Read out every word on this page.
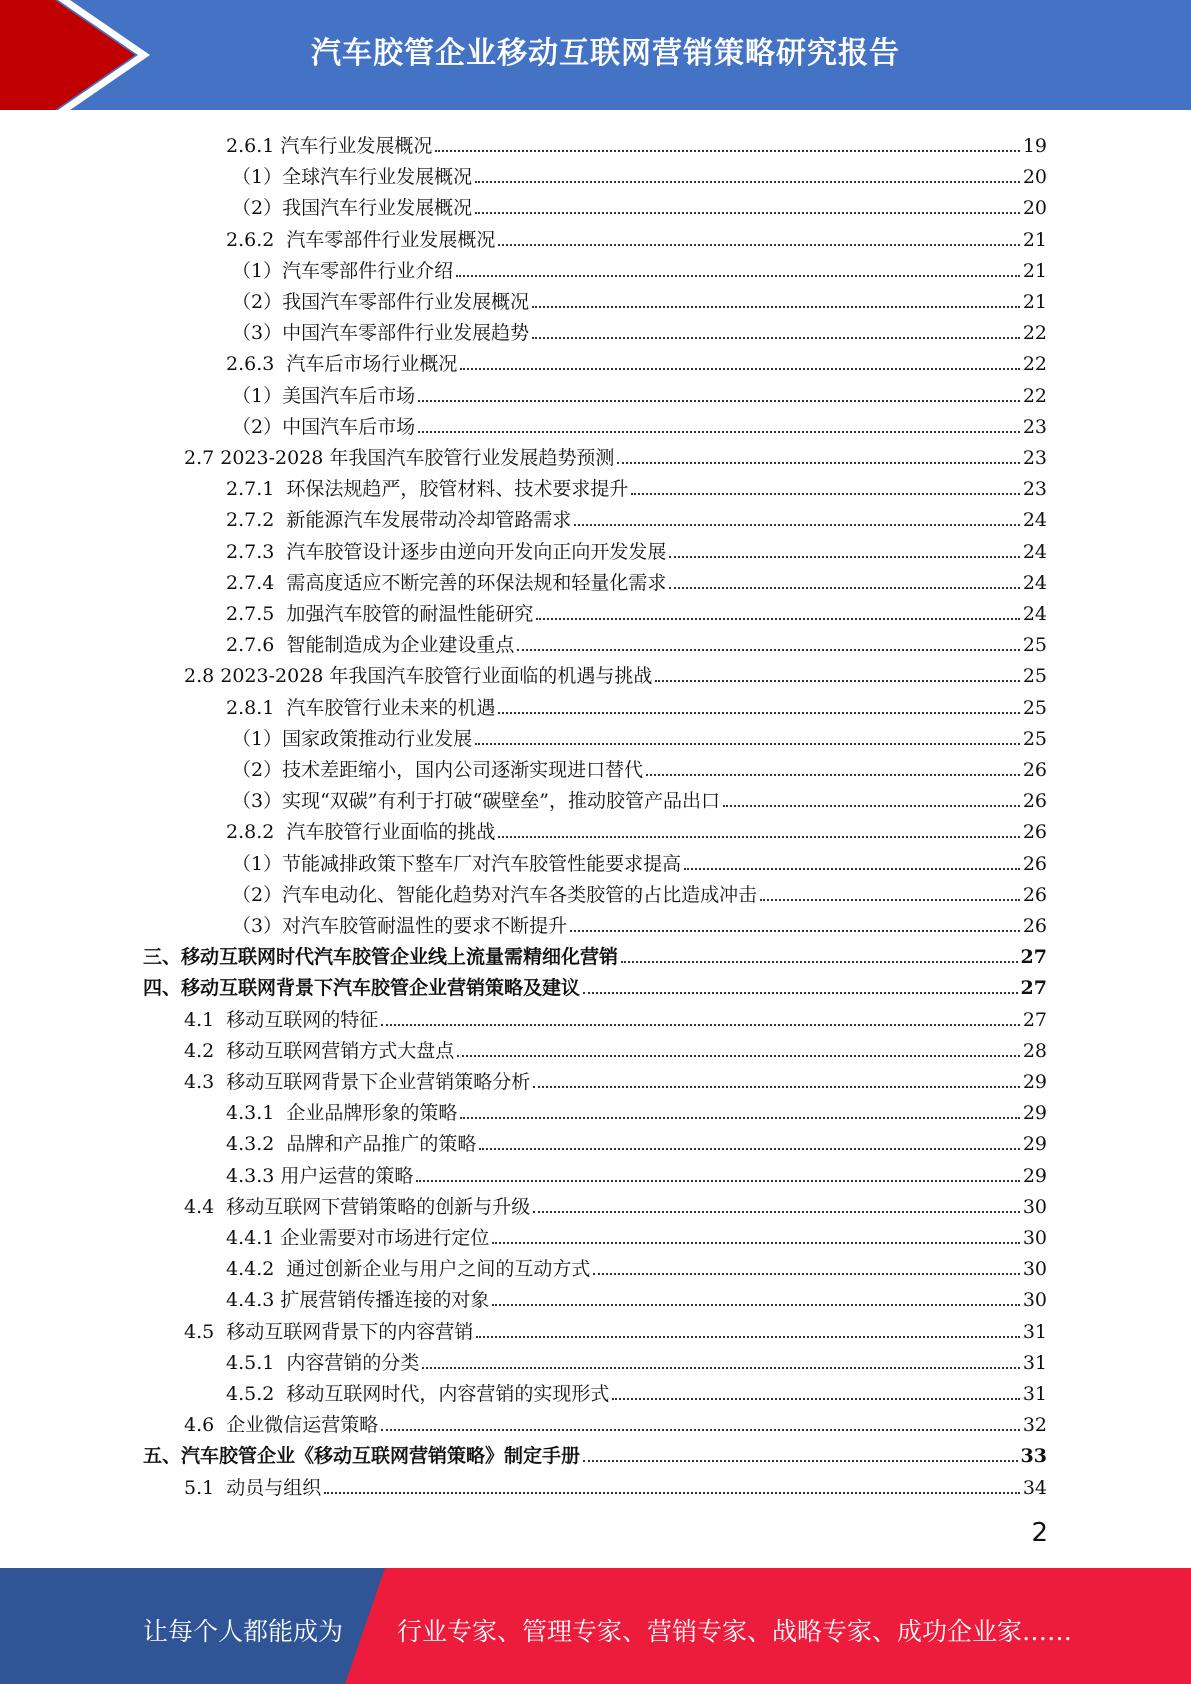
汽车胶管企业移动互联网营销策略研究报告
2.6.1 汽车行业发展概况	19
（1）全球汽车行业发展概况	20
（2）我国汽车行业发展概况	20
2.6.2  汽车零部件行业发展概况	21
（1）汽车零部件行业介绍	21
（2）我国汽车零部件行业发展概况	21
（3）中国汽车零部件行业发展趋势	22
2.6.3  汽车后市场行业概况	22
（1）美国汽车后市场	22
（2）中国汽车后市场	23
2.7 2023-2028 年我国汽车胶管行业发展趋势预测	23
2.7.1  环保法规趋严，胶管材料、技术要求提升	23
2.7.2  新能源汽车发展带动冷却管路需求	24
2.7.3  汽车胶管设计逐步由逆向开发向正向开发发展	24
2.7.4  需高度适应不断完善的环保法规和轻量化需求	24
2.7.5  加强汽车胶管的耐温性能研究	24
2.7.6  智能制造成为企业建设重点	25
2.8 2023-2028 年我国汽车胶管行业面临的机遇与挑战	25
2.8.1  汽车胶管行业未来的机遇	25
（1）国家政策推动行业发展	25
（2）技术差距缩小，国内公司逐渐实现进口替代	26
（3）实现“双碳”有利于打破“碳壁垒”，推动胶管产品出口	26
2.8.2  汽车胶管行业面临的挑战	26
（1）节能减排政策下整车厂对汽车胶管性能要求提高	26
（2）汽车电动化、智能化趋势对汽车各类胶管的占比造成冲击	26
（3）对汽车胶管耐温性的要求不断提升	26
三、移动互联网时代汽车胶管企业线上流量需精细化营销	27
四、移动互联网背景下汽车胶管企业营销策略及建议	27
4.1  移动互联网的特征	27
4.2  移动互联网营销方式大盘点	28
4.3  移动互联网背景下企业营销策略分析	29
4.3.1  企业品牌形象的策略	29
4.3.2  品牌和产品推广的策略	29
4.3.3 用户运营的策略	29
4.4  移动互联网下营销策略的创新与升级	30
4.4.1 企业需要对市场进行定位	30
4.4.2  通过创新企业与用户之间的互动方式	30
4.4.3 扩展营销传播连接的对象	30
4.5  移动互联网背景下的内容营销	31
4.5.1  内容营销的分类	31
4.5.2  移动互联网时代，内容营销的实现形式	31
4.6  企业微信运营策略	32
五、汽车胶管企业《移动互联网营销策略》制定手册	33
5.1  动员与组织	34
2
让每个人都能成为 行业专家、管理专家、营销专家、战略专家、成功企业家……
